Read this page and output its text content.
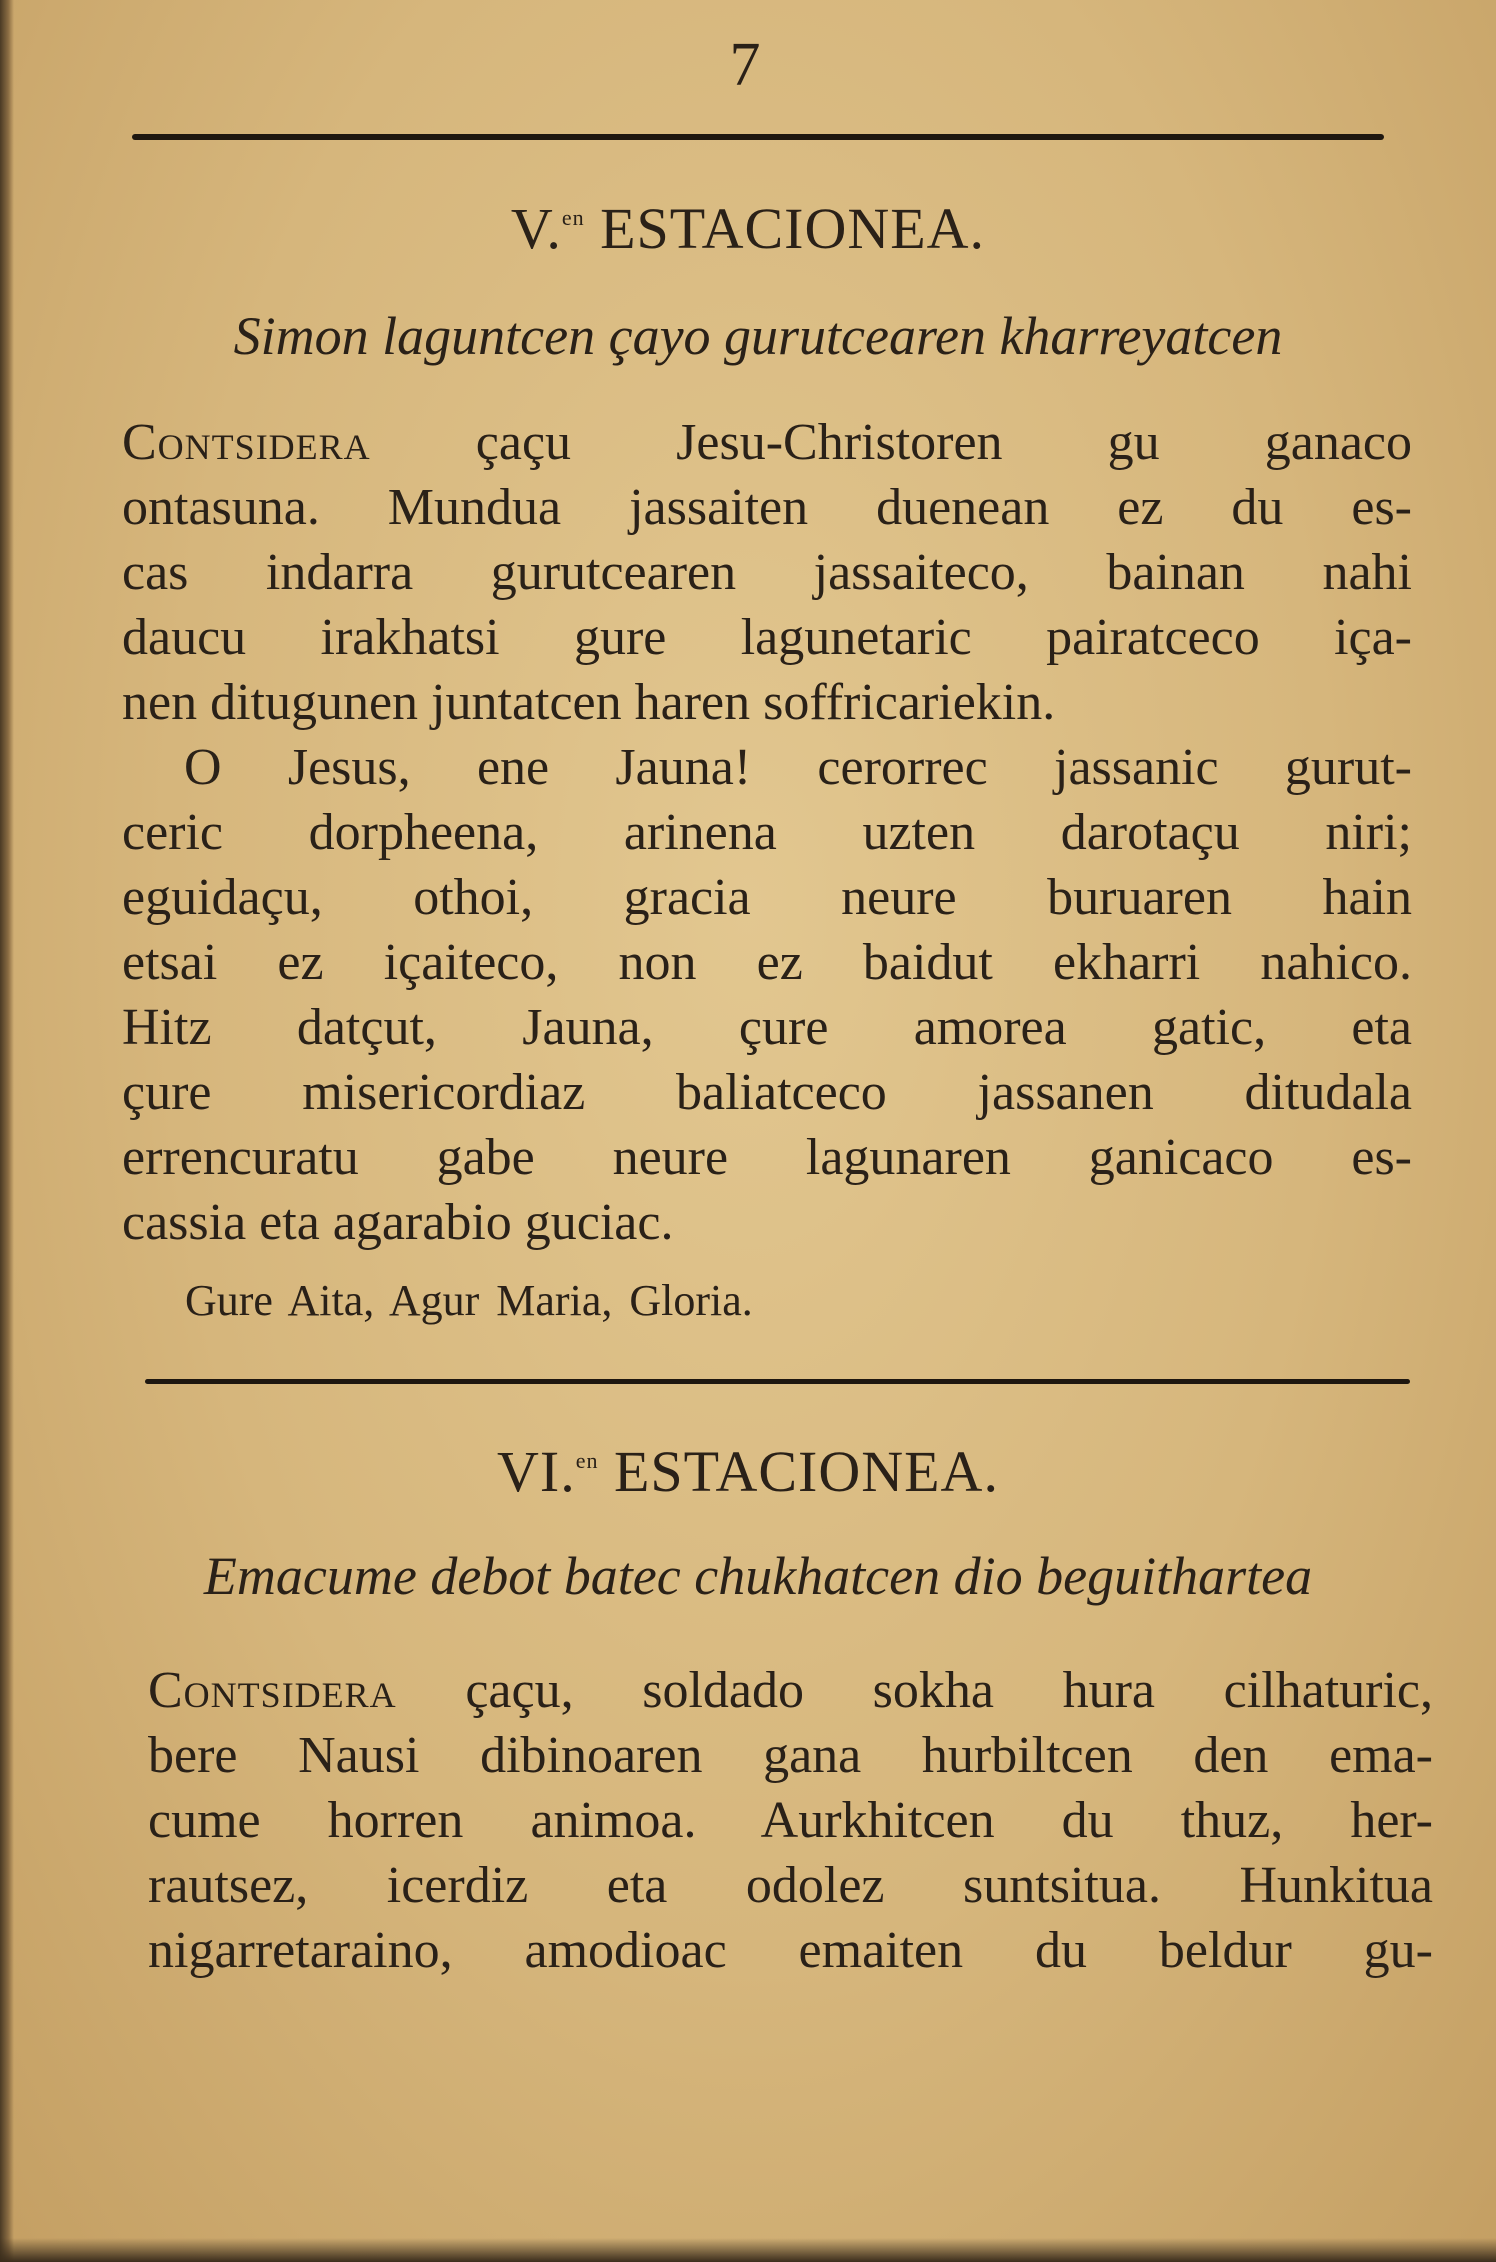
7
V.$^{en}$ ESTACIONEA.
Simon laguntcen çayo gurutcearen kharreyatcen
Contsidera çaçu Jesu-Christoren gu ganaco
ontasuna. Mundua jassaiten duenean ez du es-
cas indarra gurutcearen jassaiteco, bainan nahi
daucu irakhatsi gure lagunetaric pairatceco iça-
nen ditugunen juntatcen haren soffricariekin.
O Jesus, ene Jauna! cerorrec jassanic gurut-
ceric dorpheena, arinena uzten darotaçu niri;
eguidaçu, othoi, gracia neure buruaren hain
etsai ez içaiteco, non ez baidut ekharri nahico.
Hitz datçut, Jauna, çure amorea gatic, eta
çure misericordiaz baliatceco jassanen ditudala
errencuratu gabe neure lagunaren ganicaco es-
cassia eta agarabio guciac.
Gure Aita, Agur Maria, Gloria.
VI.$^{en}$ ESTACIONEA.
Emacume debot batec chukhatcen dio beguithartea
Contsidera çaçu, soldado sokha hura cilhaturic,
bere Nausi dibinoaren gana hurbiltcen den ema-
cume horren animoa. Aurkhitcen du thuz, her-
rautsez, icerdiz eta odolez suntsitua. Hunkitua
nigarretaraino, amodioac emaiten du beldur gu-
